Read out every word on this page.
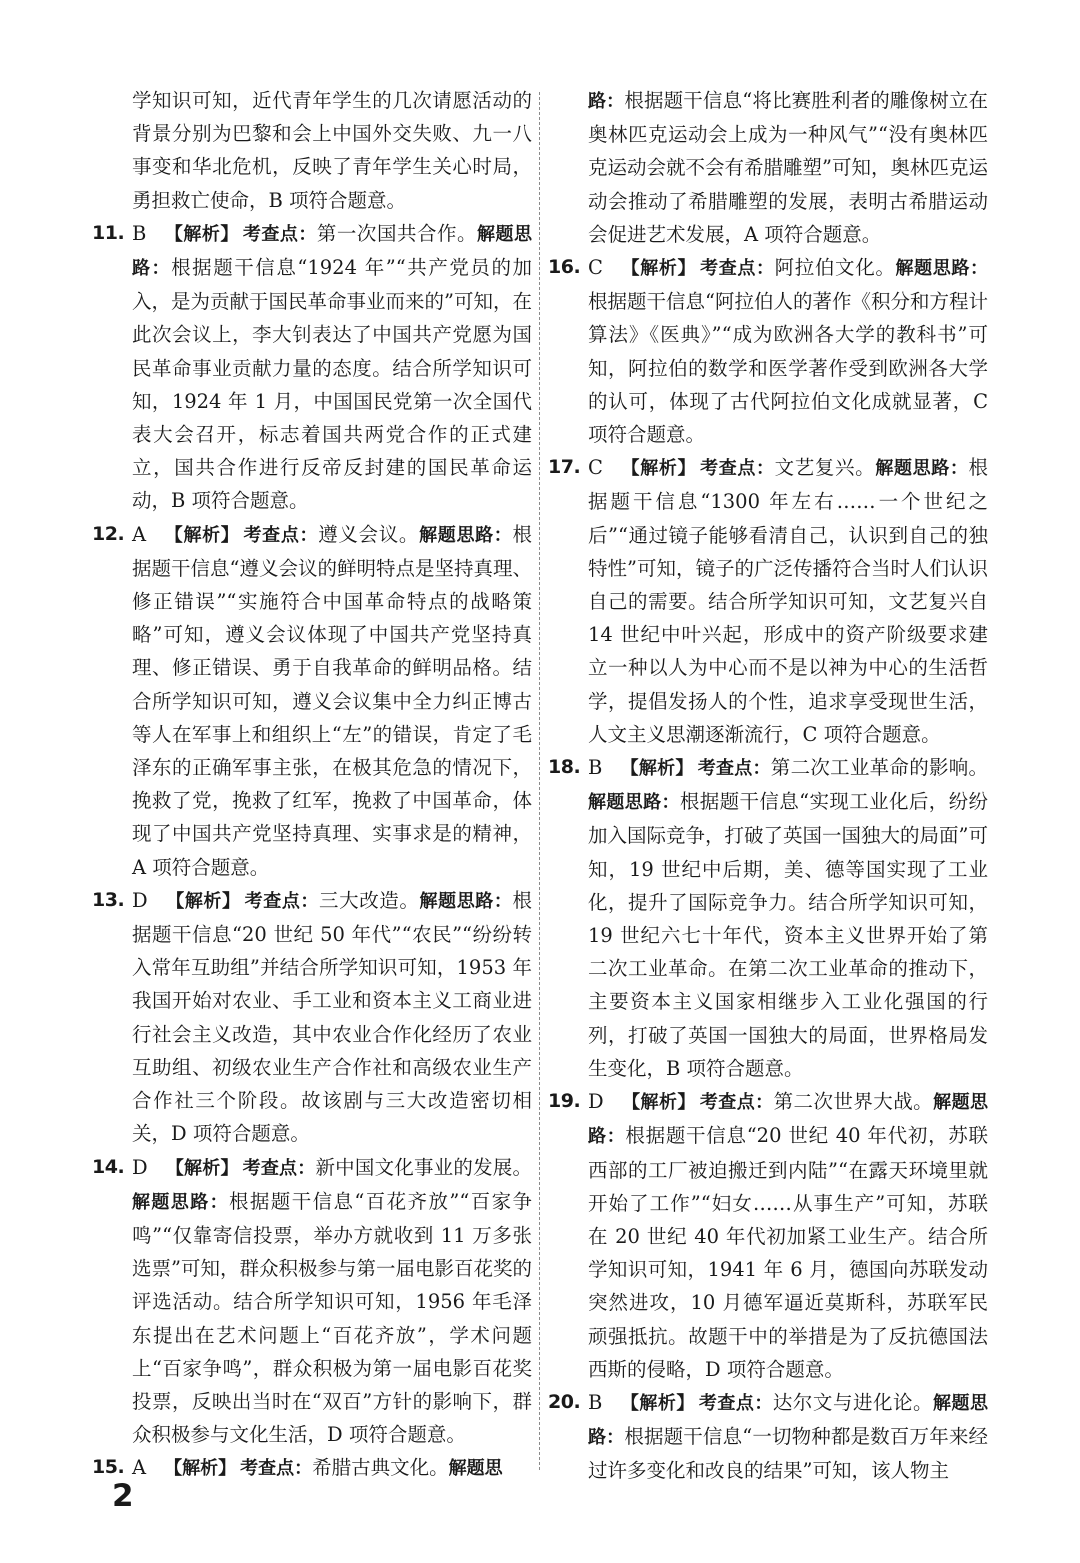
学知识可知，近代青年学生的几次请愿活动的背景分别为巴黎和会上中国外交失败、九一八事变和华北危机，反映了青年学生关心时局，勇担救亡使命，B 项符合题意。

11. B 【解析】 考查点：第一次国共合作。解题思路：根据题干信息“1924 年”“共产党员的加入，是为贡献于国民革命事业而来的”可知，在此次会议上，李大钊表达了中国共产党愿为国民革命事业贡献力量的态度。结合所学知识可知，1924 年 1 月，中国国民党第一次全国代表大会召开，标志着国共两党合作的正式建立，国共合作进行反帝反封建的国民革命运动，B 项符合题意。

12. A 【解析】 考查点：遵义会议。解题思路：根据题干信息“遵义会议的鲜明特点是坚持真理、修正错误”“实施符合中国革命特点的战略策略”可知，遵义会议体现了中国共产党坚持真理、修正错误、勇于自我革命的鲜明品格。结合所学知识可知，遵义会议集中全力纠正博古等人在军事上和组织上“左”的错误，肯定了毛泽东的正确军事主张，在极其危急的情况下，挽救了党，挽救了红军，挽救了中国革命，体现了中国共产党坚持真理、实事求是的精神，A 项符合题意。

13. D 【解析】 考查点：三大改造。解题思路：根据题干信息“20 世纪 50 年代”“农民”“纷纷转入常年互助组”并结合所学知识可知，1953 年我国开始对农业、手工业和资本主义工商业进行社会主义改造，其中农业合作化经历了农业互助组、初级农业生产合作社和高级农业生产合作社三个阶段。故该剧与三大改造密切相关，D 项符合题意。

14. D 【解析】 考查点：新中国文化事业的发展。解题思路：根据题干信息“百花齐放”“百家争鸣”“仅靠寄信投票，举办方就收到 11 万多张选票”可知，群众积极参与第一届电影百花奖的评选活动。结合所学知识可知，1956 年毛泽东提出在艺术问题上“百花齐放”，学术问题上“百家争鸣”，群众积极为第一届电影百花奖投票，反映出当时在“双百”方针的影响下，群众积极参与文化生活，D 项符合题意。

15. A 【解析】 考查点：希腊古典文化。解题思

路：根据题干信息“将比赛胜利者的雕像树立在奥林匹克运动会上成为一种风气”“没有奥林匹克运动会就不会有希腊雕塑”可知，奥林匹克运动会推动了希腊雕塑的发展，表明古希腊运动会促进艺术发展，A 项符合题意。

16. C 【解析】 考查点：阿拉伯文化。解题思路：根据题干信息“阿拉伯人的著作《积分和方程计算法》《医典》”“成为欧洲各大学的教科书”可知，阿拉伯的数学和医学著作受到欧洲各大学的认可，体现了古代阿拉伯文化成就显著，C 项符合题意。

17. C 【解析】 考查点：文艺复兴。解题思路：根据题干信息“1300 年左右……一个世纪之后”“通过镜子能够看清自己，认识到自己的独特性”可知，镜子的广泛传播符合当时人们认识自己的需要。结合所学知识可知，文艺复兴自 14 世纪中叶兴起，形成中的资产阶级要求建立一种以人为中心而不是以神为中心的生活哲学，提倡发扬人的个性，追求享受现世生活，人文主义思潮逐渐流行，C 项符合题意。

18. B 【解析】 考查点：第二次工业革命的影响。解题思路：根据题干信息“实现工业化后，纷纷加入国际竞争，打破了英国一国独大的局面”可知，19 世纪中后期，美、德等国实现了工业化，提升了国际竞争力。结合所学知识可知，19 世纪六七十年代，资本主义世界开始了第二次工业革命。在第二次工业革命的推动下，主要资本主义国家相继步入工业化强国的行列，打破了英国一国独大的局面，世界格局发生变化，B 项符合题意。

19. D 【解析】 考查点：第二次世界大战。解题思路：根据题干信息“20 世纪 40 年代初，苏联西部的工厂被迫搬迁到内陆”“在露天环境里就开始了工作”“妇女……从事生产”可知，苏联在 20 世纪 40 年代初加紧工业生产。结合所学知识可知，1941 年 6 月，德国向苏联发动突然进攻，10 月德军逼近莫斯科，苏联军民顽强抵抗。故题干中的举措是为了反抗德国法西斯的侵略，D 项符合题意。

20. B 【解析】 考查点：达尔文与进化论。解题思路：根据题干信息“一切物种都是数百万年来经过许多变化和改良的结果”可知，该人物主

2
